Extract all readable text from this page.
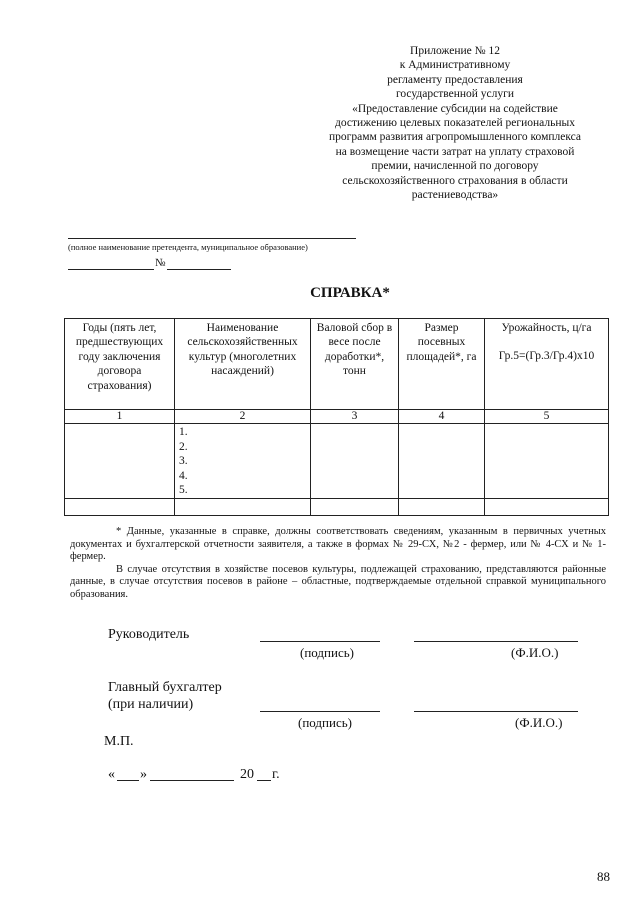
Приложение № 12
к Административному
регламенту предоставления
государственной услуги
«Предоставление субсидии на содействие
достижению целевых показателей региональных
программ развития агропромышленного комплекса
на возмещение части затрат на уплату страховой
премии, начисленной по договору
сельскохозяйственного страхования в области
растениеводства»
(полное наименование претендента, муниципальное образование)
№
СПРАВКА*
Годы (пять лет, предшествующих году заключения договора страхования)	Наименование сельскохозяйственных культур (многолетних насаждений)	Валовой сбор в весе после доработки*, тонн	Размер посевных площадей*, га	Урожайность, ц/га
Гр.5=(Гр.3/Гр.4)х10

1	2	3	4	5

	1.
2.
3.
4.
5.			

* Данные, указанные в справке, должны соответствовать сведениям, указанным в первичных учетных документах и бухгалтерской отчетности заявителя, а также в формах № 29-СХ, №2 - фермер, или № 4-СХ и № 1-фермер.

В случае отсутствия в хозяйстве посевов культуры, подлежащей страхованию, представляются районные данные, в случае отсутствия посевов в районе – областные, подтверждаемые отдельной справкой муниципального образования.

Руководитель
(подпись)	(Ф.И.О.)
Главный бухгалтер
(при наличии)
(подпись)	(Ф.И.О.)
М.П.
« »	20 г.
88
